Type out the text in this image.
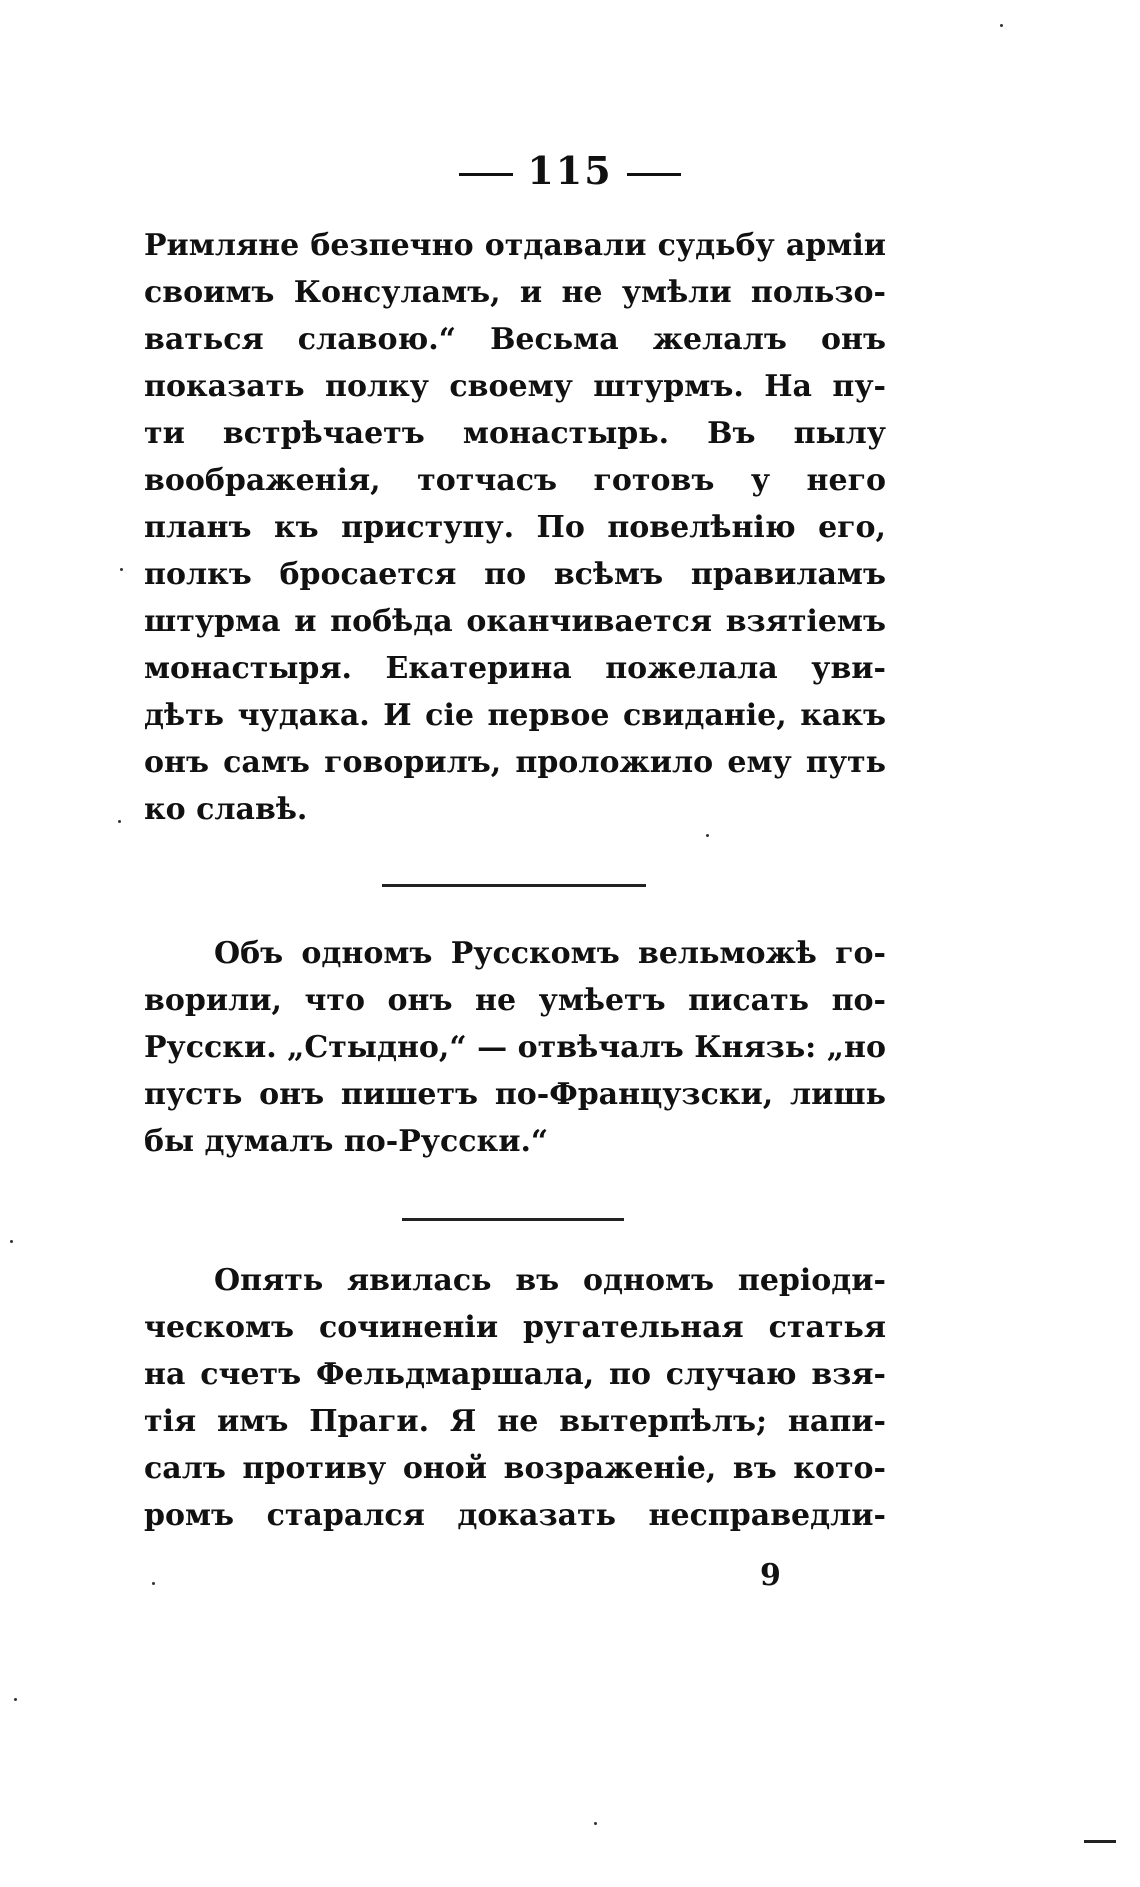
115
Римляне безпечно отдавали судьбу арміи
своимъ Консуламъ, и не умѣли пользо-
ваться славою.“ Весьма желалъ онъ
показать полку своему штурмъ. На пу-
ти встрѣчаетъ монастырь. Въ пылу
воображенія, тотчасъ готовъ у него
планъ къ приступу. По повелѣнію его,
полкъ бросается по всѣмъ правиламъ
штурма и побѣда оканчивается взятіемъ
монастыря. Екатерина пожелала уви-
дѣть чудака. И сіе первое свиданіе, какъ
онъ самъ говорилъ, проложило ему путь
ко славѣ.
Объ одномъ Русскомъ вельможѣ го-
ворили, что онъ не умѣетъ писать по-
Русски. „Стыдно,“ — отвѣчалъ Князь: „но
пусть онъ пишетъ по-Французски, лишь
бы думалъ по-Русски.“
Опять явилась въ одномъ періоди-
ческомъ сочиненіи ругательная статья
на счетъ Фельдмаршала, по случаю взя-
тія имъ Праги. Я не вытерпѣлъ; напи-
салъ противу оной возраженіе, въ кото-
ромъ старался доказать несправедли-
9
